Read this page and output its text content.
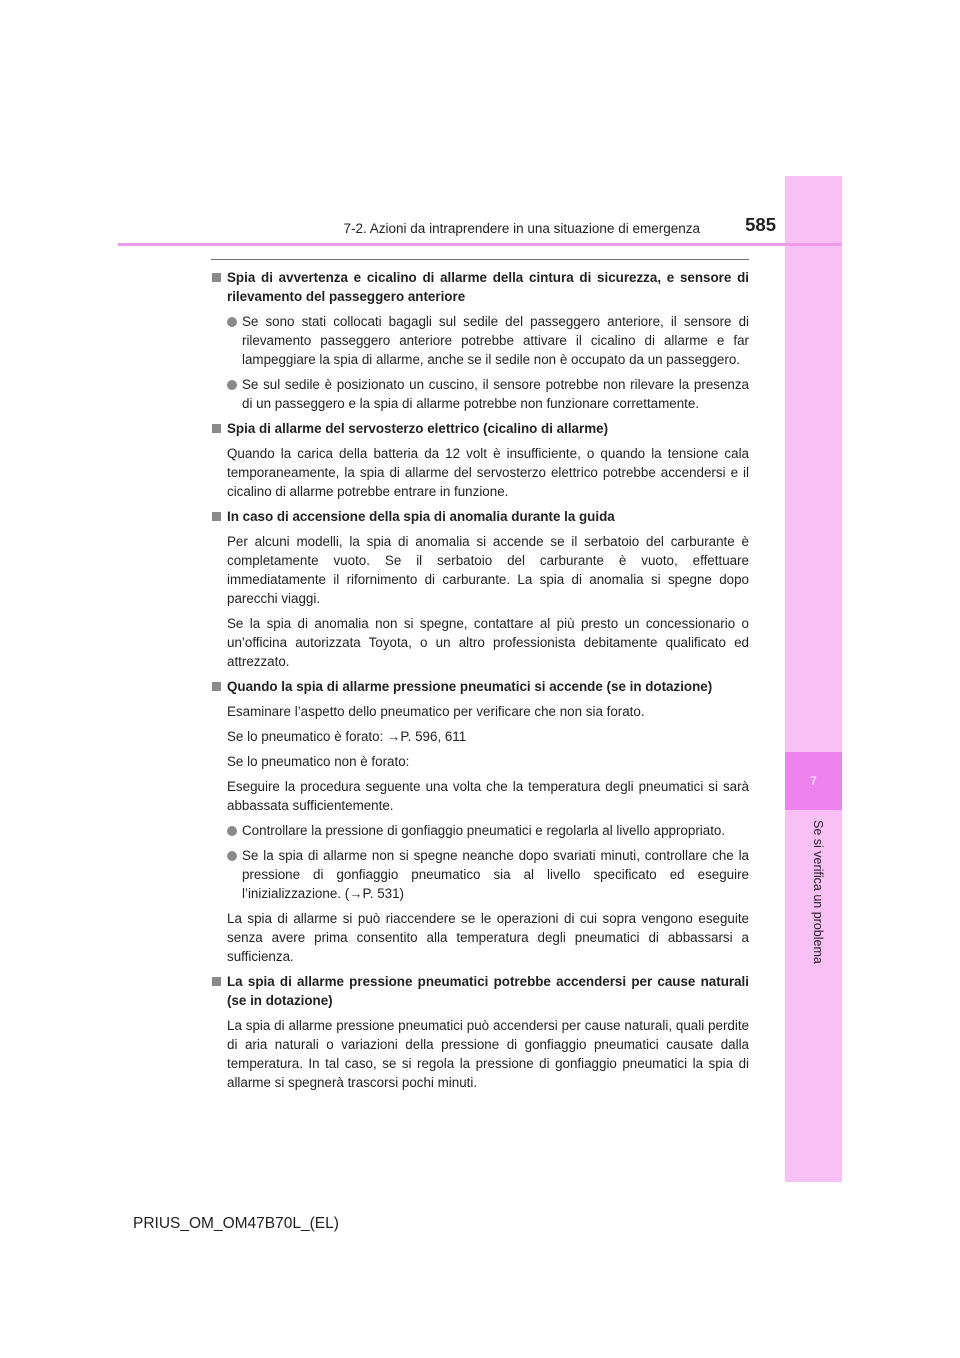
7
Se si verifica un problema
585
7-2. Azioni da intraprendere in una situazione di emergenza

Spia di avvertenza e cicalino di allarme della cintura di sicurezza, e sensore di rilevamento del passeggero anteriore

Se sono stati collocati bagagli sul sedile del passeggero anteriore, il sensore di rilevamento passeggero anteriore potrebbe attivare il cicalino di allarme e far lampeggiare la spia di allarme, anche se il sedile non è occupato da un passeggero.

Se sul sedile è posizionato un cuscino, il sensore potrebbe non rilevare la presenza di un passeggero e la spia di allarme potrebbe non funzionare correttamente.

Spia di allarme del servosterzo elettrico (cicalino di allarme)

Quando la carica della batteria da 12 volt è insufficiente, o quando la tensione cala temporaneamente, la spia di allarme del servosterzo elettrico potrebbe accendersi e il cicalino di allarme potrebbe entrare in funzione.

In caso di accensione della spia di anomalia durante la guida

Per alcuni modelli, la spia di anomalia si accende se il serbatoio del carburante è completamente vuoto. Se il serbatoio del carburante è vuoto, effettuare immediatamente il rifornimento di carburante. La spia di anomalia si spegne dopo parecchi viaggi.

Se la spia di anomalia non si spegne, contattare al più presto un concessionario o un’officina autorizzata Toyota, o un altro professionista debitamente qualificato ed attrezzato.

Quando la spia di allarme pressione pneumatici si accende (se in dotazione)

Esaminare l’aspetto dello pneumatico per verificare che non sia forato.

Se lo pneumatico è forato: →P. 596, 611

Se lo pneumatico non è forato:

Eseguire la procedura seguente una volta che la temperatura degli pneumatici si sarà abbassata sufficientemente.

Controllare la pressione di gonfiaggio pneumatici e regolarla al livello appropriato.

Se la spia di allarme non si spegne neanche dopo svariati minuti, controllare che la pressione di gonfiaggio pneumatico sia al livello specificato ed eseguire l’inizializzazione. (→P. 531)

La spia di allarme si può riaccendere se le operazioni di cui sopra vengono eseguite senza avere prima consentito alla temperatura degli pneumatici di abbassarsi a sufficienza.

La spia di allarme pressione pneumatici potrebbe accendersi per cause naturali (se in dotazione)

La spia di allarme pressione pneumatici può accendersi per cause naturali, quali perdite di aria naturali o variazioni della pressione di gonfiaggio pneumatici causate dalla temperatura. In tal caso, se si regola la pressione di gonfiaggio pneumatici la spia di allarme si spegnerà trascorsi pochi minuti.

PRIUS_OM_OM47B70L_(EL)
